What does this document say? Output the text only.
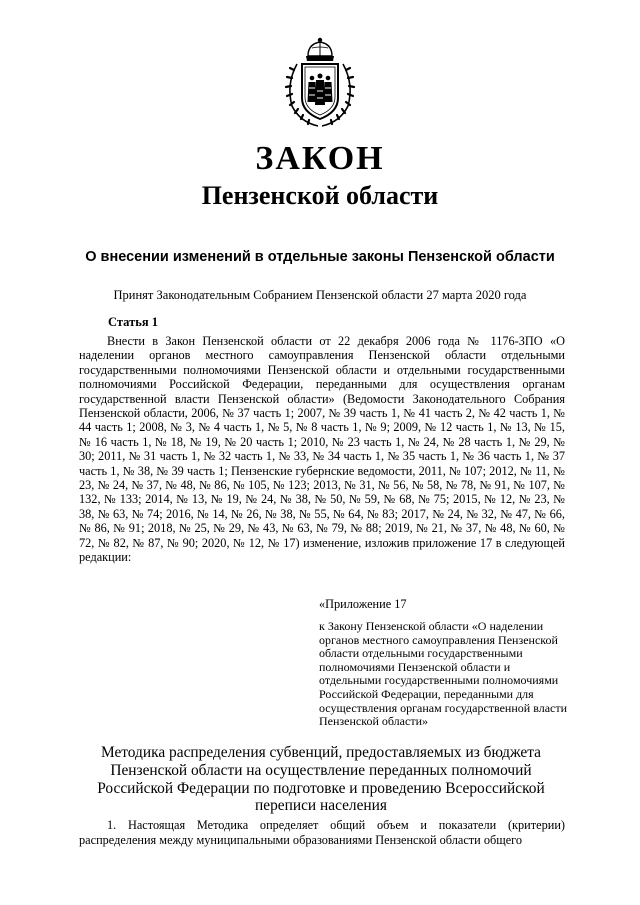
ЗАКОН
Пензенской области
О внесении изменений в отдельные законы Пензенской области
Принят Законодательным Собранием Пензенской области 27 марта 2020 года
Статья 1

Внести в Закон Пензенской области от 22 декабря 2006 года № 1176-ЗПО «О наделении органов местного самоуправления Пензенской области отдельными государственными полномочиями Пензенской области и отдельными государственными полномочиями Российской Федерации, переданными для осуществления органам государственной власти Пензенской области» (Ведомости Законодательного Собрания Пензенской области, 2006, № 37 часть 1; 2007, № 39 часть 1, № 41 часть 2, № 42 часть 1, № 44 часть 1; 2008, № 3, № 4 часть 1, № 5, № 8 часть 1, № 9; 2009, № 12 часть 1, № 13, № 15, № 16 часть 1, № 18, № 19, № 20 часть 1; 2010, № 23 часть 1, № 24, № 28 часть 1, № 29, № 30; 2011, № 31 часть 1, № 32 часть 1, № 33, № 34 часть 1, № 35 часть 1, № 36 часть 1, № 37 часть 1, № 38, № 39 часть 1; Пензенские губернские ведомости, 2011, № 107; 2012, № 11, № 23, № 24, № 37, № 48, № 86, № 105, № 123; 2013, № 31, № 56, № 58, № 78, № 91, № 107, № 132, № 133; 2014, № 13, № 19, № 24, № 38, № 50, № 59, № 68, № 75; 2015, № 12, № 23, № 38, № 63, № 74; 2016, № 14, № 26, № 38, № 55, № 64, № 83; 2017, № 24, № 32, № 47, № 66, № 86, № 91; 2018, № 25, № 29, № 43, № 63, № 79, № 88; 2019, № 21, № 37, № 48, № 60, № 72, № 82, № 87, № 90; 2020, № 12, № 17) изменение, изложив приложение 17 в следующей редакции:

«Приложение 17

к Закону Пензенской области «О наделении органов местного самоуправления Пензенской области отдельными государственными полномочиями Пензенской области и отдельными государственными полномочиями Российской Федерации, переданными для осуществления органам государственной власти Пензенской области»

Методика распределения субвенций, предоставляемых из бюджета Пензенской области на осуществление переданных полномочий Российской Федерации по подготовке и проведению Всероссийской переписи населения

1. Настоящая Методика определяет общий объем и показатели (критерии) распределения между муниципальными образованиями Пензенской области общего
